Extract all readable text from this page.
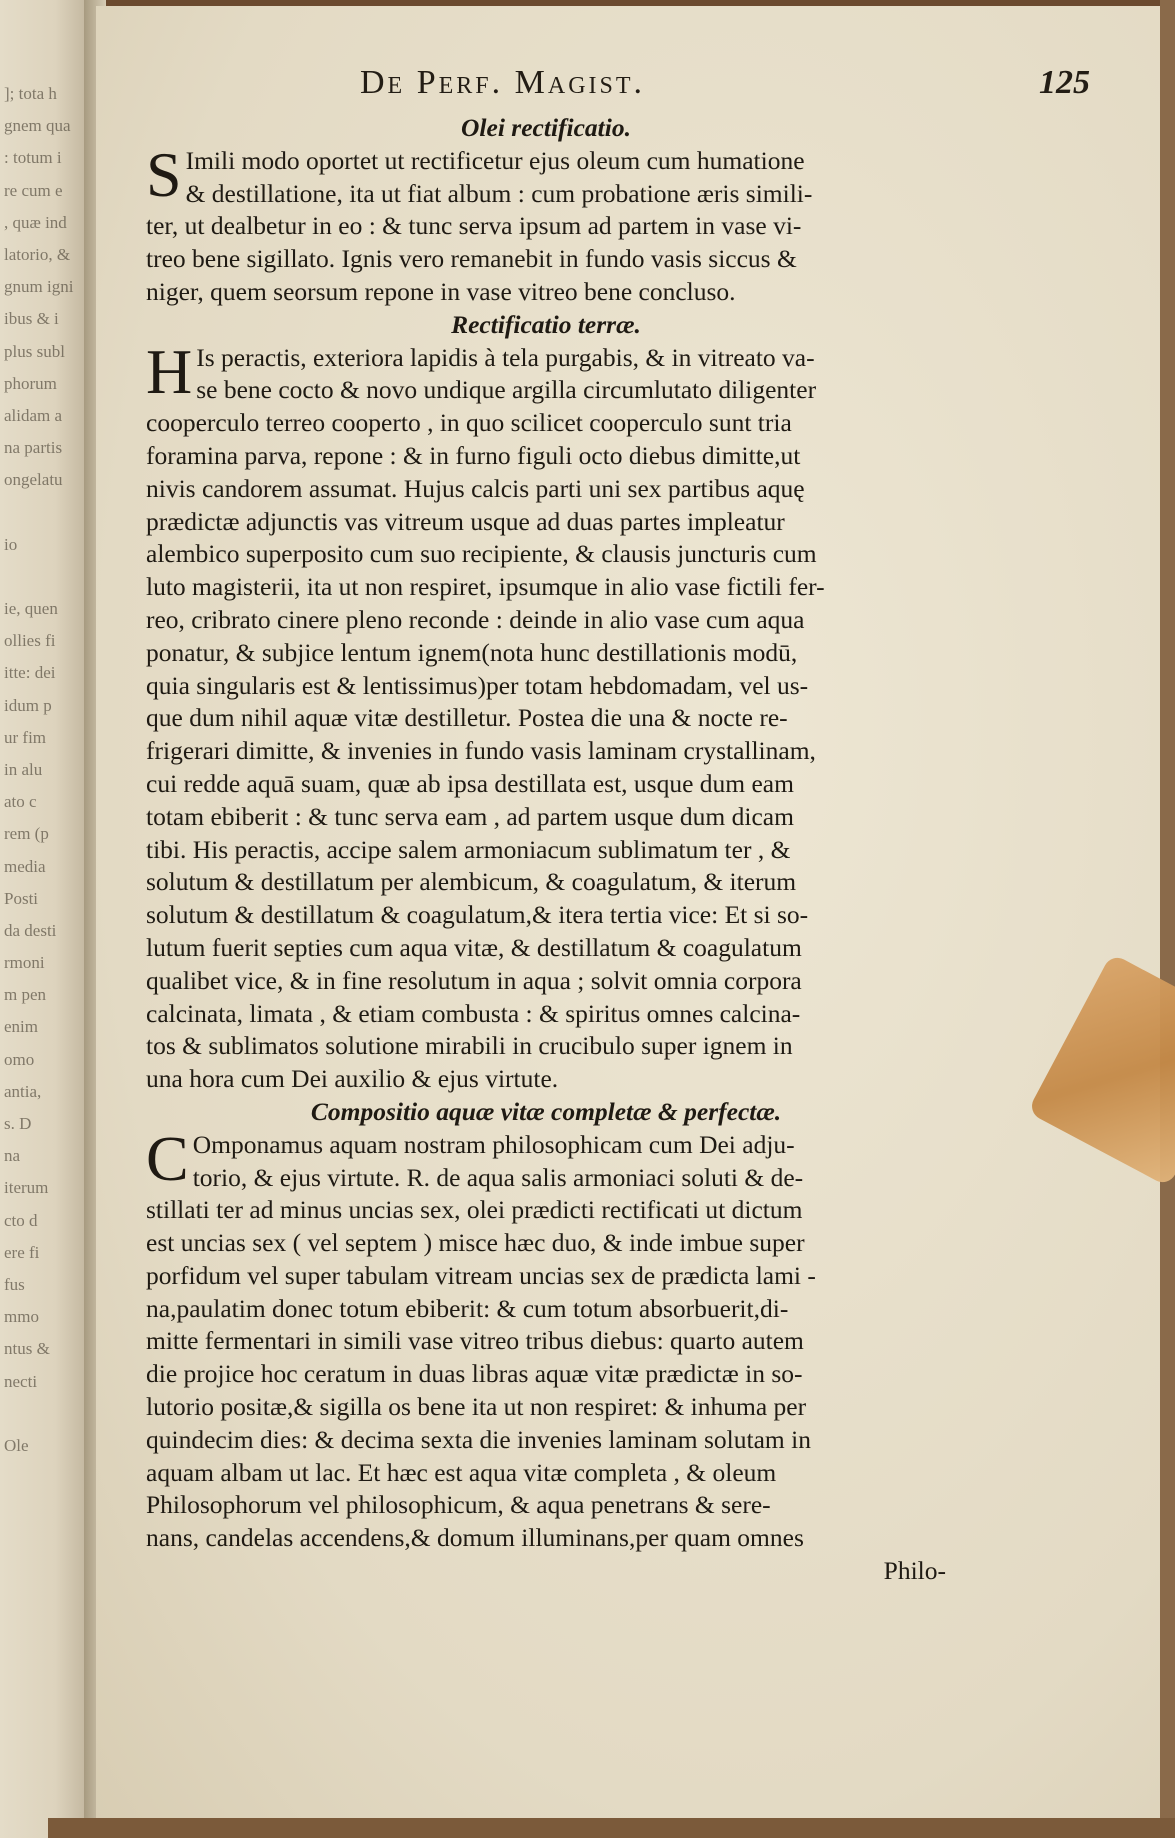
]; tota h
gnem qua
: totum i
re cum e
, quæ ind
latorio, &
gnum igni
ibus & i
plus subl
phorum
alidam a
na partis
ongelatu
io
ie, quen
ollies fi
itte: dei
idum p
ur fim
in alu
ato c
rem (p
media
Posti
da desti
rmoni
m pen
enim
omo
antia,
s. D
na
iterum
cto d
ere fi
fus
mmo
ntus &
necti
Ole
De Perf. Magist.	125
Olei rectificatio.
S Imili modo oportet ut rectificetur ejus oleum cum humatione
& destillatione, ita ut fiat album : cum probatione æris simili-
ter, ut dealbetur in eo : & tunc serva ipsum ad partem in vase vi-
treo bene sigillato. Ignis vero remanebit in fundo vasis siccus &
niger, quem seorsum repone in vase vitreo bene concluso.
Rectificatio terræ.
H Is peractis, exteriora lapidis à tela purgabis, & in vitreato va-
se bene cocto & novo undique argilla circumlutato diligenter
cooperculo terreo cooperto , in quo scilicet cooperculo sunt tria
foramina parva, repone : & in furno figuli octo diebus dimitte,ut
nivis candorem assumat. Hujus calcis parti uni sex partibus aquę
prædictæ adjunctis vas vitreum usque ad duas partes impleatur
alembico superposito cum suo recipiente, & clausis juncturis cum
luto magisterii, ita ut non respiret, ipsumque in alio vase fictili fer-
reo, cribrato cinere pleno reconde : deinde in alio vase cum aqua
ponatur, & subjice lentum ignem(nota hunc destillationis modū,
quia singularis est & lentissimus)per totam hebdomadam, vel us-
que dum nihil aquæ vitæ destilletur. Postea die una & nocte re-
frigerari dimitte, & invenies in fundo vasis laminam crystallinam,
cui redde aquā suam, quæ ab ipsa destillata est, usque dum eam
totam ebiberit : & tunc serva eam , ad partem usque dum dicam
tibi. His peractis, accipe salem armoniacum sublimatum ter , &
solutum & destillatum per alembicum, & coagulatum, & iterum
solutum & destillatum & coagulatum,& itera tertia vice: Et si so-
lutum fuerit septies cum aqua vitæ, & destillatum & coagulatum
qualibet vice, & in fine resolutum in aqua ; solvit omnia corpora
calcinata, limata , & etiam combusta : & spiritus omnes calcina-
tos & sublimatos solutione mirabili in crucibulo super ignem in
una hora cum Dei auxilio & ejus virtute.
Compositio aquæ vitæ completæ & perfectæ.
C Omponamus aquam nostram philosophicam cum Dei adju-
torio, & ejus virtute. R. de aqua salis armoniaci soluti & de-
stillati ter ad minus uncias sex, olei prædicti rectificati ut dictum
est uncias sex ( vel septem ) misce hæc duo, & inde imbue super
porfidum vel super tabulam vitream uncias sex de prædicta lami -
na,paulatim donec totum ebiberit: & cum totum absorbuerit,di-
mitte fermentari in simili vase vitreo tribus diebus: quarto autem
die projice hoc ceratum in duas libras aquæ vitæ prædictæ in so-
lutorio positæ,& sigilla os bene ita ut non respiret: & inhuma per
quindecim dies: & decima sexta die invenies laminam solutam in
aquam albam ut lac. Et hæc est aqua vitæ completa , & oleum
Philosophorum vel philosophicum, & aqua penetrans & sere-
nans, candelas accendens,& domum illuminans,per quam omnes
Philo-
